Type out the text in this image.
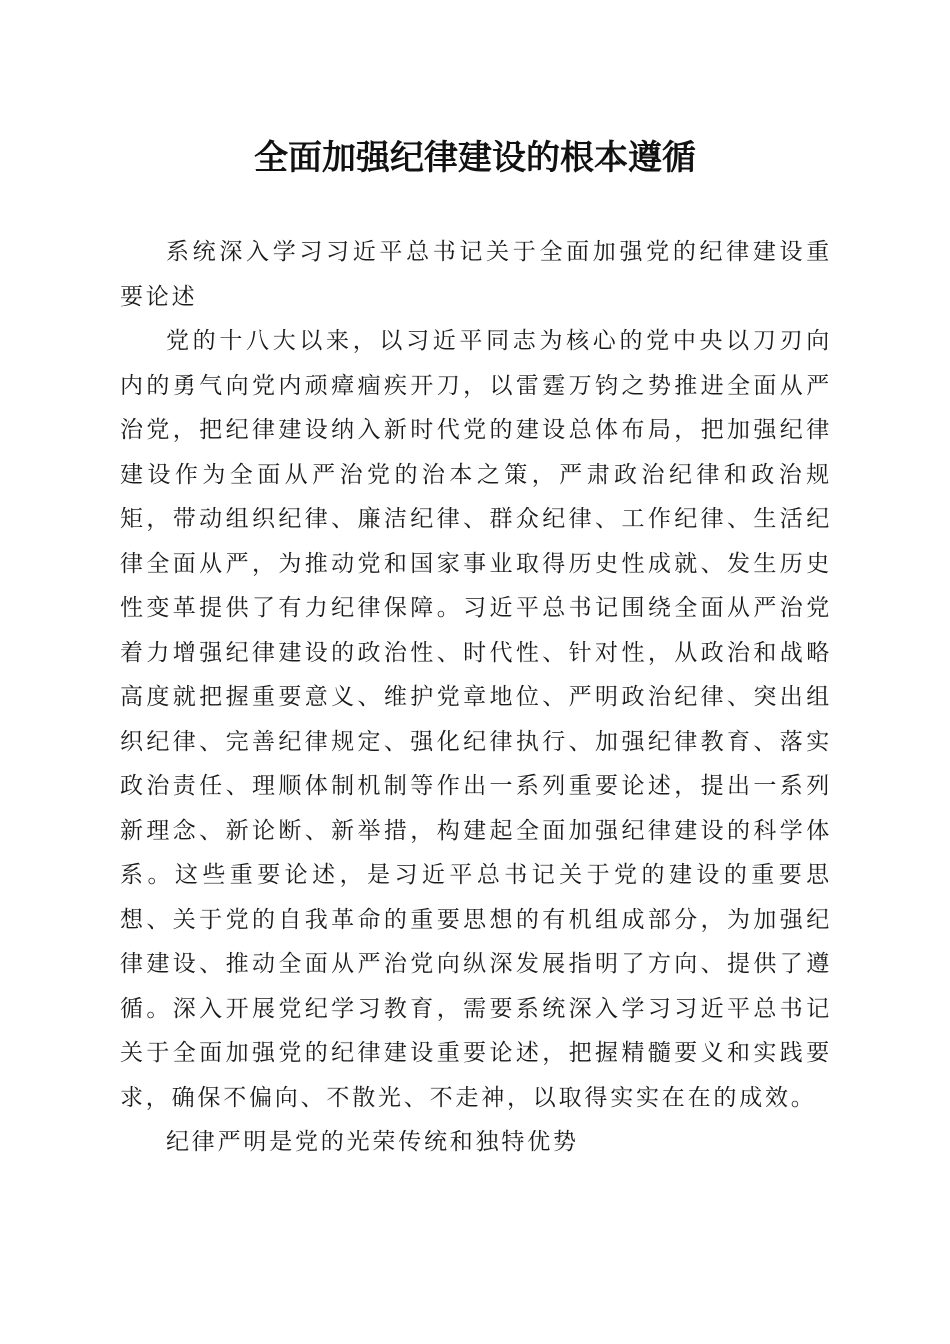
全面加强纪律建设的根本遵循

系统深入学习习近平总书记关于全面加强党的纪律建设重要论述

党的十八大以来，以习近平同志为核心的党中央以刀刃向内的勇气向党内顽瘴痼疾开刀，以雷霆万钧之势推进全面从严治党，把纪律建设纳入新时代党的建设总体布局，把加强纪律建设作为全面从严治党的治本之策，严肃政治纪律和政治规矩，带动组织纪律、廉洁纪律、群众纪律、工作纪律、生活纪律全面从严，为推动党和国家事业取得历史性成就、发生历史性变革提供了有力纪律保障。习近平总书记围绕全面从严治党着力增强纪律建设的政治性、时代性、针对性，从政治和战略高度就把握重要意义、维护党章地位、严明政治纪律、突出组织纪律、完善纪律规定、强化纪律执行、加强纪律教育、落实政治责任、理顺体制机制等作出一系列重要论述，提出一系列新理念、新论断、新举措，构建起全面加强纪律建设的科学体系。这些重要论述，是习近平总书记关于党的建设的重要思想、关于党的自我革命的重要思想的有机组成部分，为加强纪律建设、推动全面从严治党向纵深发展指明了方向、提供了遵循。深入开展党纪学习教育，需要系统深入学习习近平总书记关于全面加强党的纪律建设重要论述，把握精髓要义和实践要求，确保不偏向、不散光、不走神，以取得实实在在的成效。

纪律严明是党的光荣传统和独特优势
